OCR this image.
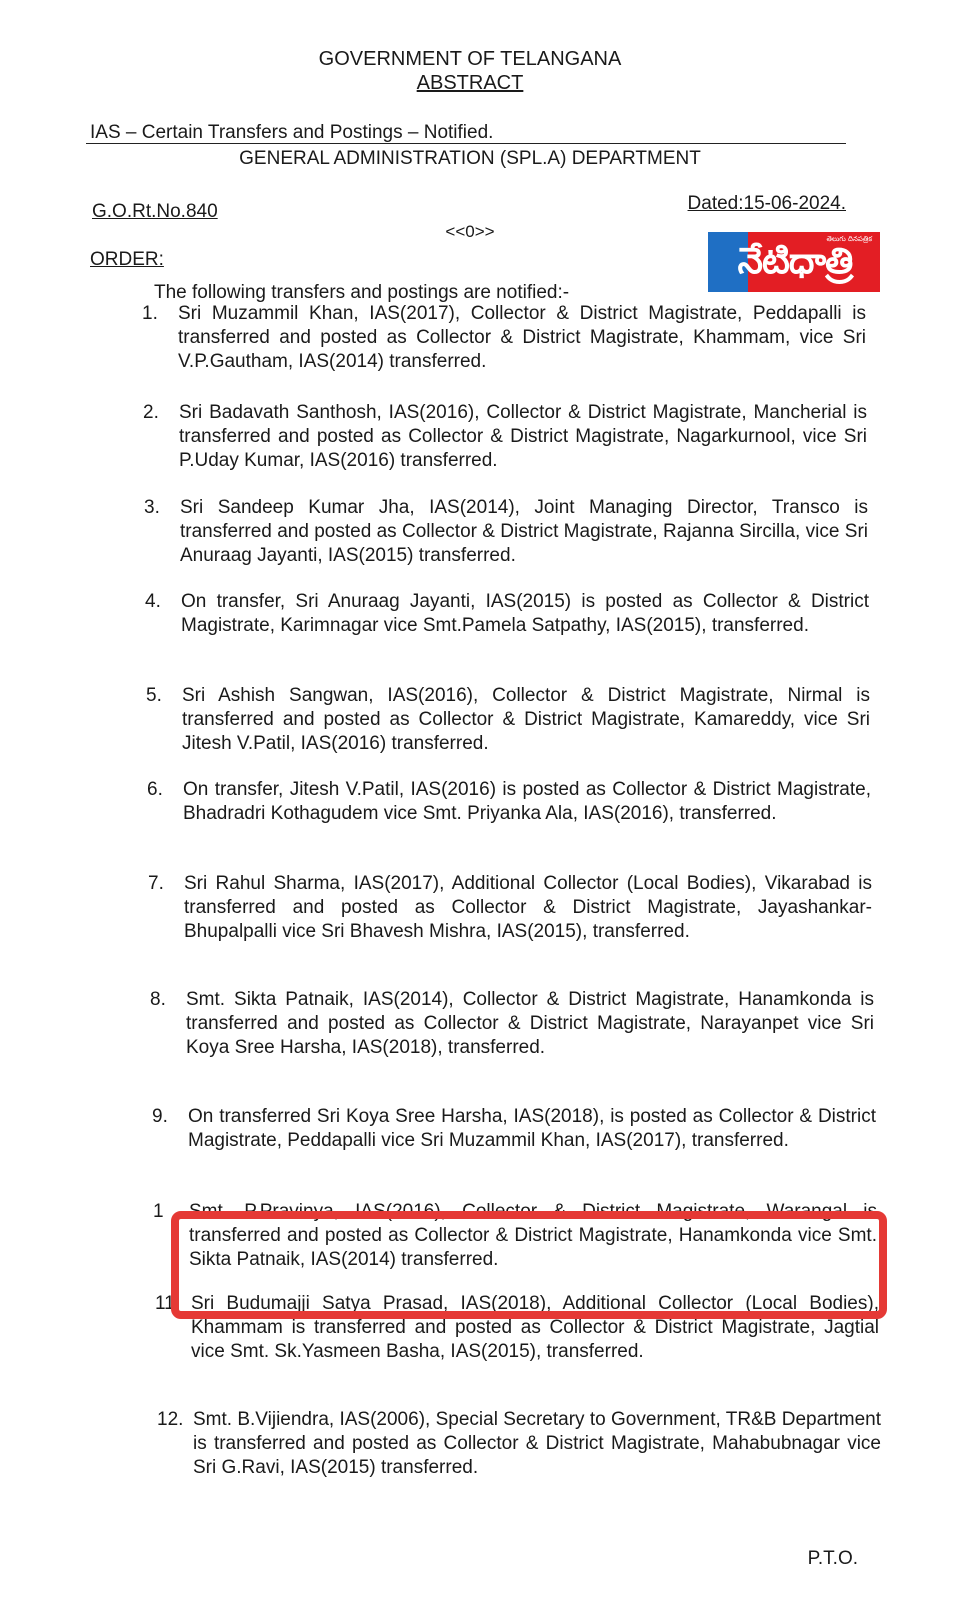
GOVERNMENT OF TELANGANA
ABSTRACT
IAS – Certain Transfers and Postings – Notified.
GENERAL ADMINISTRATION (SPL.A) DEPARTMENT
G.O.Rt.No.840	Dated:15-06-2024.
<<0>>
ORDER:	నేటిధాత్రి
తెలుగు దినపత్రిక
The following transfers and postings are notified:-
1.	Sri Muzammil Khan, IAS(2017), Collector & District Magistrate, Peddapalli is transferred and posted as Collector & District Magistrate, Khammam, vice Sri V.P.Gautham, IAS(2014) transferred.
2.	Sri Badavath Santhosh, IAS(2016), Collector & District Magistrate, Mancherial is transferred and posted as Collector & District Magistrate, Nagarkurnool, vice Sri P.Uday Kumar, IAS(2016) transferred.
3.	Sri Sandeep Kumar Jha, IAS(2014), Joint Managing Director, Transco is transferred and posted as Collector & District Magistrate, Rajanna Sircilla, vice Sri Anuraag Jayanti, IAS(2015) transferred.
4.	On transfer, Sri Anuraag Jayanti, IAS(2015) is posted as Collector & District Magistrate, Karimnagar vice Smt.Pamela Satpathy, IAS(2015), transferred.
5.	Sri Ashish Sangwan, IAS(2016), Collector & District Magistrate, Nirmal is transferred and posted as Collector & District Magistrate, Kamareddy, vice Sri Jitesh V.Patil, IAS(2016) transferred.
6.	On transfer, Jitesh V.Patil, IAS(2016) is posted as Collector & District Magistrate, Bhadradri Kothagudem vice Smt. Priyanka Ala, IAS(2016), transferred.
7.	Sri Rahul Sharma, IAS(2017), Additional Collector (Local Bodies), Vikarabad is transferred and posted as Collector & District Magistrate, Jayashankar-Bhupalpalli vice Sri Bhavesh Mishra, IAS(2015), transferred.
8.	Smt. Sikta Patnaik, IAS(2014), Collector & District Magistrate, Hanamkonda is transferred and posted as Collector & District Magistrate, Narayanpet vice Sri Koya Sree Harsha, IAS(2018), transferred.
9.	On transferred Sri Koya Sree Harsha, IAS(2018), is posted as Collector & District Magistrate, Peddapalli vice Sri Muzammil Khan, IAS(2017), transferred.
1	Smt. P.Pravinya, IAS(2016), Collector & District Magistrate, Warangal is transferred and posted as Collector & District Magistrate, Hanamkonda vice Smt. Sikta Patnaik, IAS(2014) transferred.
11. Sri Budumajji Satya Prasad, IAS(2018), Additional Collector (Local Bodies), Khammam is transferred and posted as Collector & District Magistrate, Jagtial vice Smt. Sk.Yasmeen Basha, IAS(2015), transferred.
12. Smt. B.Vijiendra, IAS(2006), Special Secretary to Government, TR&B Department is transferred and posted as Collector & District Magistrate, Mahabubnagar vice Sri G.Ravi, IAS(2015) transferred.
P.T.O.
